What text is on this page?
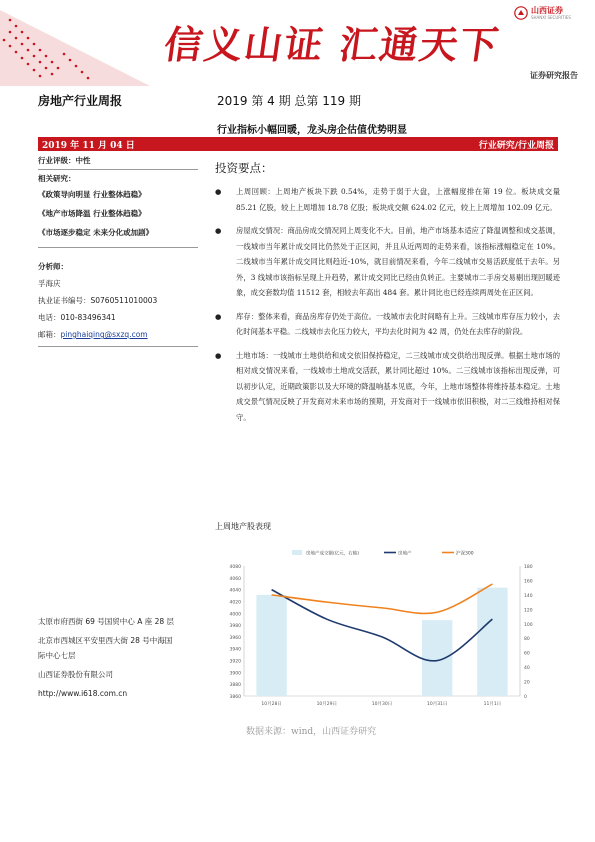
信义山证 汇通天下
山西证券
SHANXI SECURITIES
证券研究报告
房地产行业周报	2019 第 4 期 总第 119 期
行业指标小幅回暖，龙头房企估值优势明显
2019 年 11 月 04 日	行业研究/行业周报
行业评级：中性
相关研究：
《政策导向明显 行业整体趋稳》
《地产市场降温 行业整体趋稳》
《市场逐步稳定 未来分化或加剧》
分析师：
孚海庆
执业证书编号：S0760511010003
电话：010-83496341
邮箱：pinghaiqing@sxzq.com
太原市府西街 69 号国贸中心 A 座 28 层
北京市西城区平安里西大街 28 号中海国
际中心七层
山西证券股份有限公司
http://www.i618.com.cn
投资要点：
●	上周回顾：上周地产板块下跌 0.54%，走势于弱于大盘，上涨幅度排在第 19 位。板块成交量 85.21 亿股，较上上周增加 18.78 亿股；板块成交额 624.02 亿元，较上上周增加 102.09 亿元。
●	房屋成交情况：商品房成交情况同上周变化不大。目前，地产市场基本适应了降温调整和成交基调，一线城市当年累计成交同比仍然处于正区间，并且从近两周的走势来看，该指标涨幅稳定在 10%。二线城市当年累计成交同比则趋近-10%，就目前情况来看，今年二线城市交易活跃度低于去年。另外，3 线城市该指标呈现上升趋势，累计成交同比已经由负转正。主要城市二手房交易剔出现回暖迹象，成交套数均值 11512 套，相较去年高出 484 套。累计同比也已经连续两周处在正区间。
●	库存：整体来看，商品房库存仍处于高位。一线城市去化时间略有上升。三线城市库存压力较小，去化时间基本平稳。二线城市去化压力较大，平均去化时间为 42 周，仍处在去库存的阶段。
●	土地市场：一线城市土地供给和成交依旧保持稳定，二三线城市成交供给出现反弹。根据土地市场的相对成交情况来看，一线城市土地成交活跃，累计同比超过 10%。二三线城市该指标出现反弹，可以初步认定，近期政策影以及大环境的降温响基本见底，今年，上地市场整体将维持基本稳定。土地成交景气情况反映了开发商对未来市场的预期，开发商对于一线城市依旧积极，对二三线维持相对保守。
上周地产股表现
3860
3880
3900
3920
3940
3960
3980
4000
4020
4040
4060
4080
0
20
40
60
80
100
120
140
160
180
10月28日	10月29日	10月30日	10月31日	11月1日
房地产成交额(亿元，右轴)	房地产	沪深300
数据来源：wind，山西证券研究
